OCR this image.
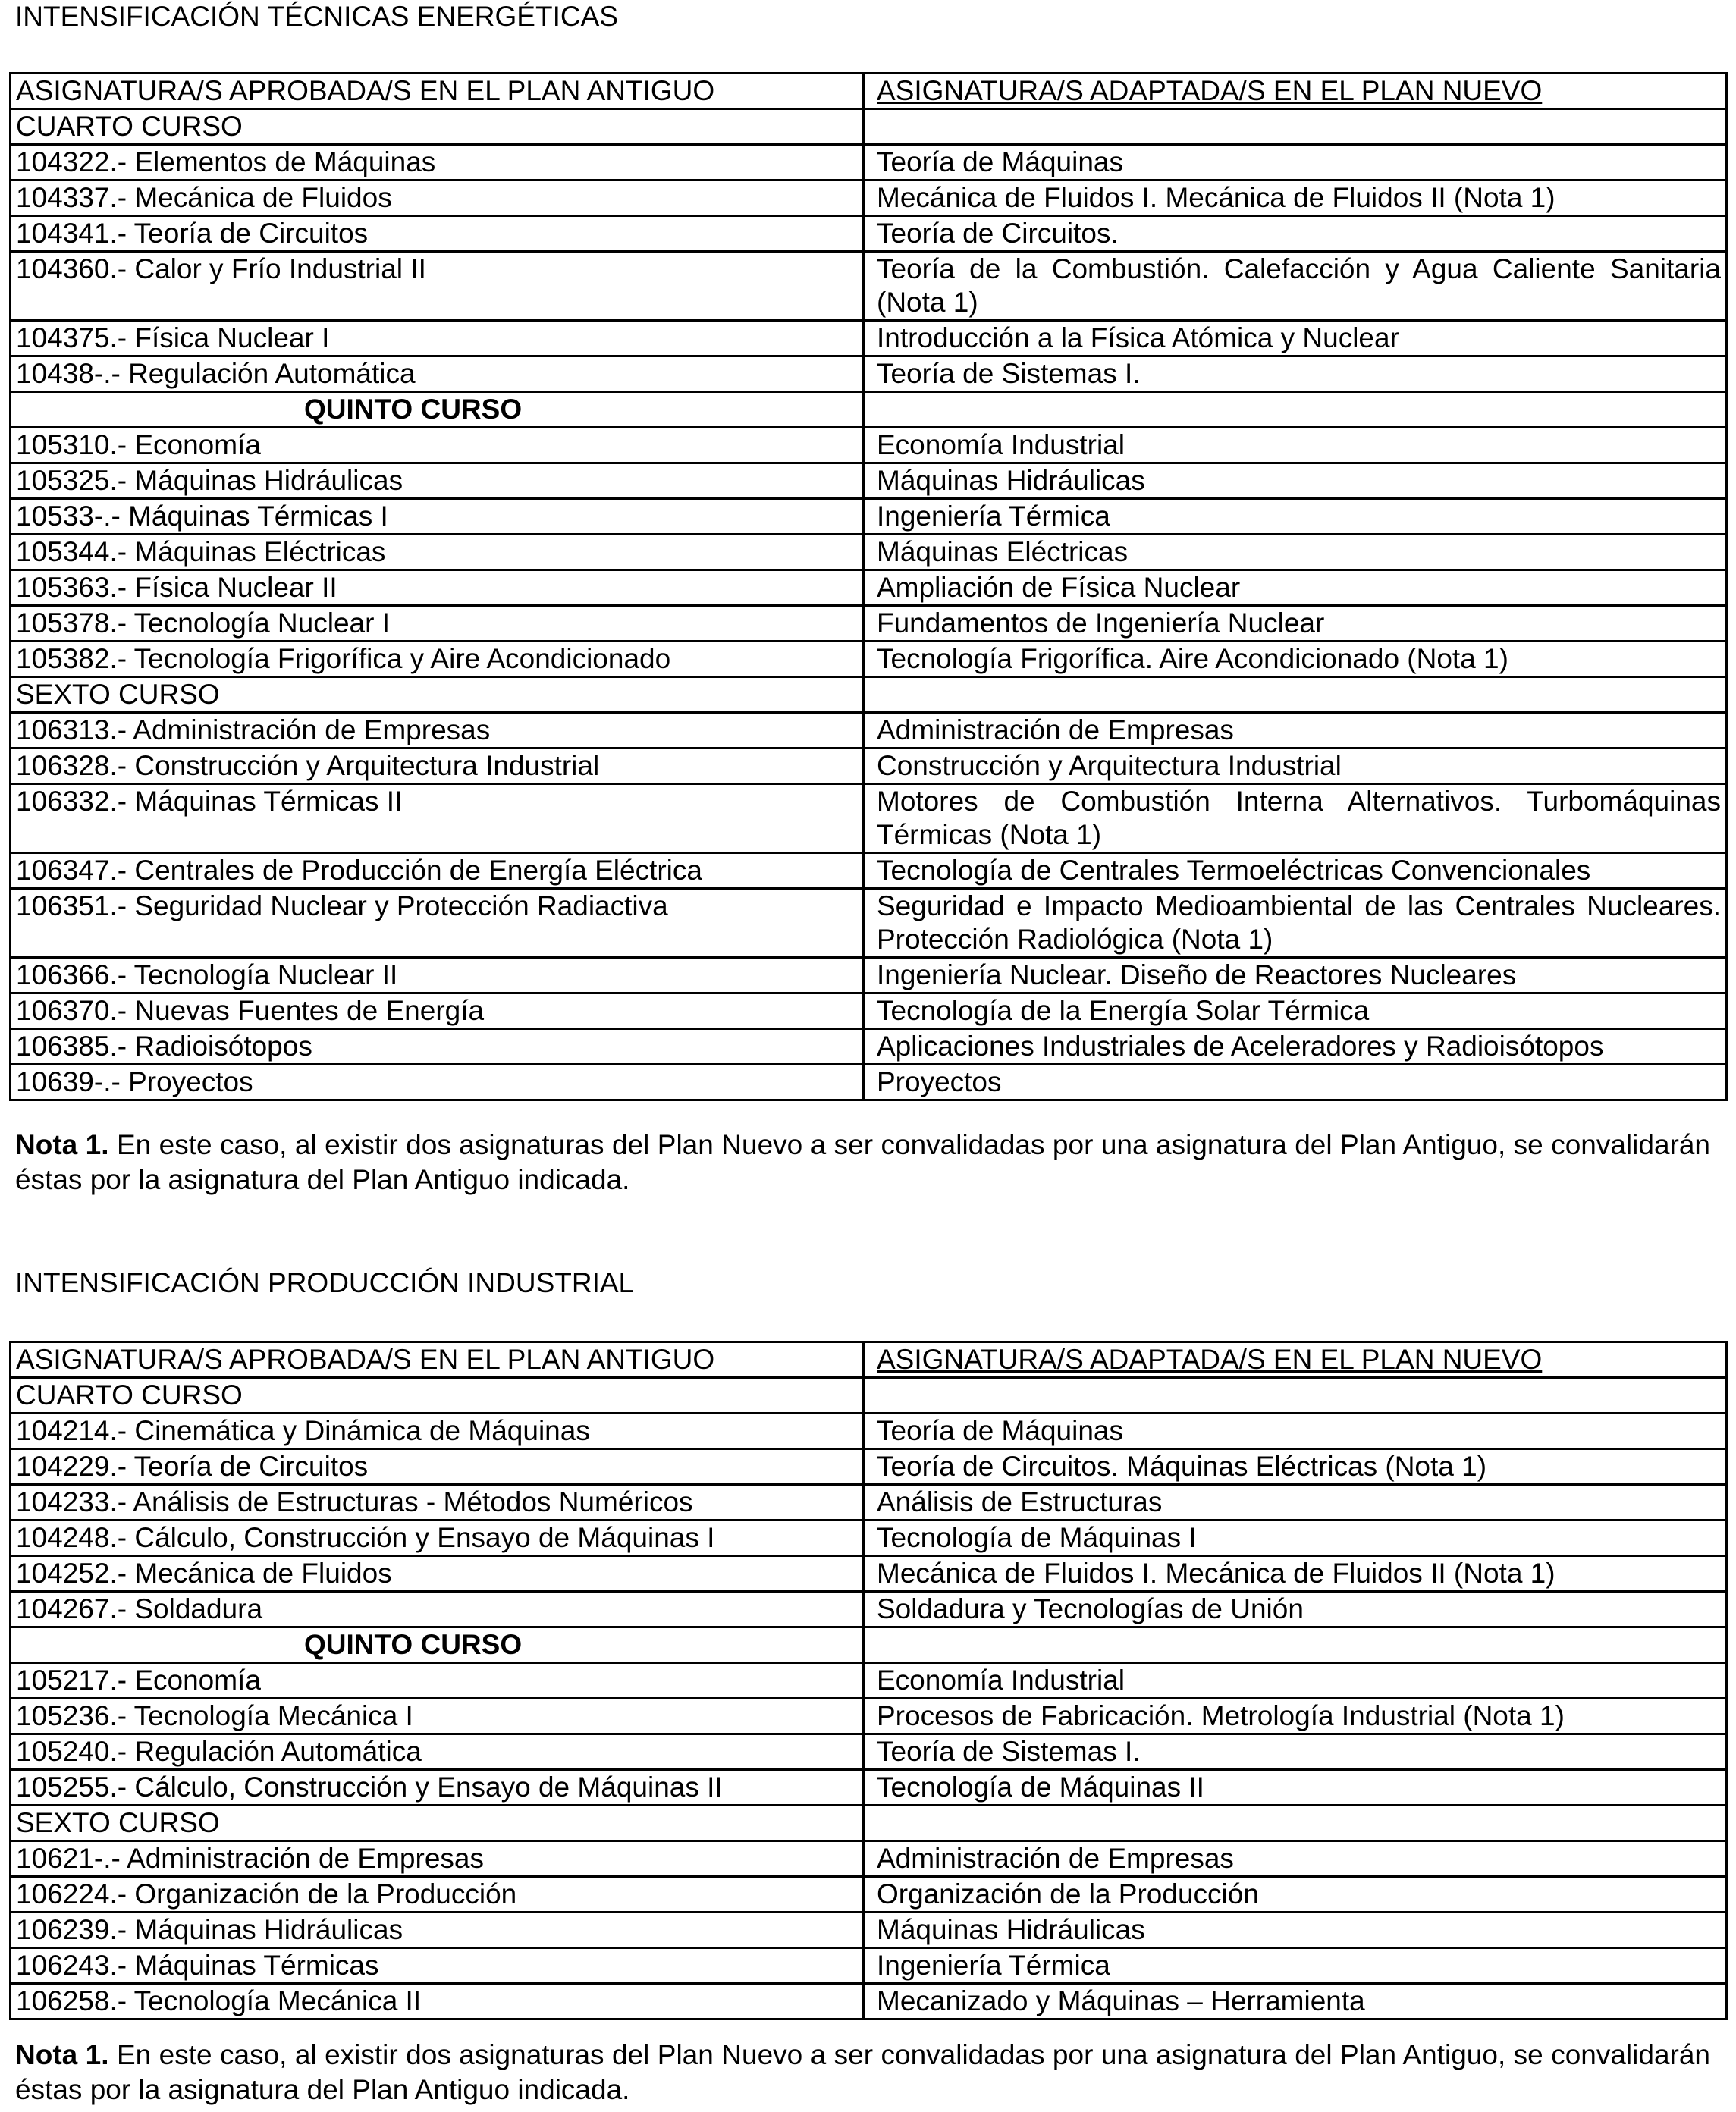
INTENSIFICACIÓN TÉCNICAS ENERGÉTICAS
ASIGNATURA/S APROBADA/S EN EL PLAN ANTIGUO	ASIGNATURA/S ADAPTADA/S EN EL PLAN NUEVO
CUARTO CURSO	
104322.- Elementos de Máquinas	Teoría de Máquinas
104337.- Mecánica de Fluidos	Mecánica de Fluidos I. Mecánica de Fluidos II (Nota 1)
104341.- Teoría de Circuitos	Teoría de Circuitos.
104360.- Calor y Frío Industrial II	Teoría de la Combustión. Calefacción y Agua Caliente Sanitaria (Nota 1)
104375.- Física Nuclear I	Introducción a la Física Atómica y Nuclear
10438-.- Regulación Automática	Teoría de Sistemas I.
QUINTO CURSO	
105310.- Economía	Economía Industrial
105325.- Máquinas Hidráulicas	Máquinas Hidráulicas
10533-.- Máquinas Térmicas I	Ingeniería Térmica
105344.- Máquinas Eléctricas	Máquinas Eléctricas
105363.- Física Nuclear II	Ampliación de Física Nuclear
105378.- Tecnología Nuclear I	Fundamentos de Ingeniería Nuclear
105382.- Tecnología Frigorífica y Aire Acondicionado	Tecnología Frigorífica. Aire Acondicionado (Nota 1)
SEXTO CURSO	
106313.- Administración de Empresas	Administración de Empresas
106328.- Construcción y Arquitectura Industrial	Construcción y Arquitectura Industrial
106332.- Máquinas Térmicas II	Motores de Combustión Interna Alternativos. Turbomáquinas Térmicas (Nota 1)
106347.- Centrales de Producción de Energía Eléctrica	Tecnología de Centrales Termoeléctricas Convencionales
106351.- Seguridad Nuclear y Protección Radiactiva	Seguridad e Impacto Medioambiental de las Centrales Nucleares. Protección Radiológica (Nota 1)
106366.- Tecnología Nuclear II	Ingeniería Nuclear. Diseño de Reactores Nucleares
106370.- Nuevas Fuentes de Energía	Tecnología de la Energía Solar Térmica
106385.- Radioisótopos	Aplicaciones Industriales de Aceleradores y Radioisótopos
10639-.- Proyectos	Proyectos
Nota 1. En este caso, al existir dos asignaturas del Plan Nuevo a ser convalidadas por una asignatura del Plan Antiguo, se convalidarán éstas por la asignatura del Plan Antiguo indicada.
INTENSIFICACIÓN PRODUCCIÓN INDUSTRIAL
ASIGNATURA/S APROBADA/S EN EL PLAN ANTIGUO	ASIGNATURA/S ADAPTADA/S EN EL PLAN NUEVO
CUARTO CURSO	
104214.- Cinemática y Dinámica de Máquinas	Teoría de Máquinas
104229.- Teoría de Circuitos	Teoría de Circuitos. Máquinas Eléctricas (Nota 1)
104233.- Análisis de Estructuras - Métodos Numéricos	Análisis de Estructuras
104248.- Cálculo, Construcción y Ensayo de Máquinas I	Tecnología de Máquinas I
104252.- Mecánica de Fluidos	Mecánica de Fluidos I. Mecánica de Fluidos II (Nota 1)
104267.- Soldadura	Soldadura y Tecnologías de Unión
QUINTO CURSO	
105217.- Economía	Economía Industrial
105236.- Tecnología Mecánica I	Procesos de Fabricación. Metrología Industrial (Nota 1)
105240.- Regulación Automática	Teoría de Sistemas I.
105255.- Cálculo, Construcción y Ensayo de Máquinas II	Tecnología de Máquinas II
SEXTO CURSO	
10621-.- Administración de Empresas	Administración de Empresas
106224.- Organización de la Producción	Organización de la Producción
106239.- Máquinas Hidráulicas	Máquinas Hidráulicas
106243.- Máquinas Térmicas	Ingeniería Térmica
106258.- Tecnología Mecánica II	Mecanizado y Máquinas – Herramienta
Nota 1. En este caso, al existir dos asignaturas del Plan Nuevo a ser convalidadas por una asignatura del Plan Antiguo, se convalidarán éstas por la asignatura del Plan Antiguo indicada.
